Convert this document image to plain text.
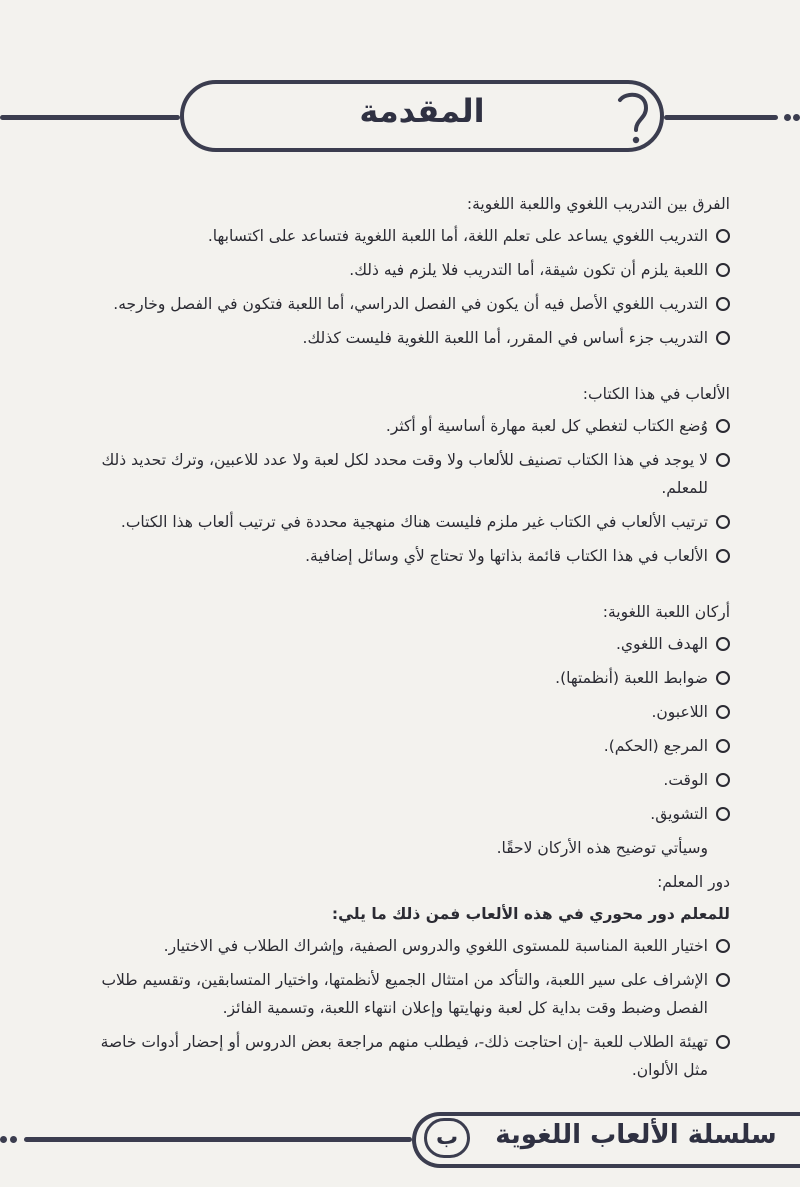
المقدمة

الفرق بين التدريب اللغوي واللعبة اللغوية:

التدريب اللغوي يساعد على تعلم اللغة، أما اللعبة اللغوية فتساعد على اكتسابها.
اللعبة يلزم أن تكون شيقة، أما التدريب فلا يلزم فيه ذلك.
التدريب اللغوي الأصل فيه أن يكون في الفصل الدراسي، أما اللعبة فتكون في الفصل وخارجه.
التدريب جزء أساس في المقرر، أما اللعبة اللغوية فليست كذلك.

الألعاب في هذا الكتاب:

وُضع الكتاب لتغطي كل لعبة مهارة أساسية أو أكثر.
لا يوجد في هذا الكتاب تصنيف للألعاب ولا وقت محدد لكل لعبة ولا عدد للاعبين، وترك تحديد ذلك للمعلم.
ترتيب الألعاب في الكتاب غير ملزم فليست هناك منهجية محددة في ترتيب ألعاب هذا الكتاب.
الألعاب في هذا الكتاب قائمة بذاتها ولا تحتاج لأي وسائل إضافية.

أركان اللعبة اللغوية:

الهدف اللغوي.
ضوابط اللعبة (أنظمتها).
اللاعبون.
المرجع (الحكم).
الوقت.
التشويق.

وسيأتي توضيح هذه الأركان لاحقًا.

دور المعلم:

للمعلم دور محوري في هذه الألعاب فمن ذلك ما يلي:

اختيار اللعبة المناسبة للمستوى اللغوي والدروس الصفية، وإشراك الطلاب في الاختيار.
الإشراف على سير اللعبة، والتأكد من امتثال الجميع لأنظمتها، واختيار المتسابقين، وتقسيم طلاب الفصل وضبط وقت بداية كل لعبة ونهايتها وإعلان انتهاء اللعبة، وتسمية الفائز.
تهيئة الطلاب للعبة -إن احتاجت ذلك-، فيطلب منهم مراجعة بعض الدروس أو إحضار أدوات خاصة مثل الألوان.
ب	سلسلة الألعاب اللغوية
